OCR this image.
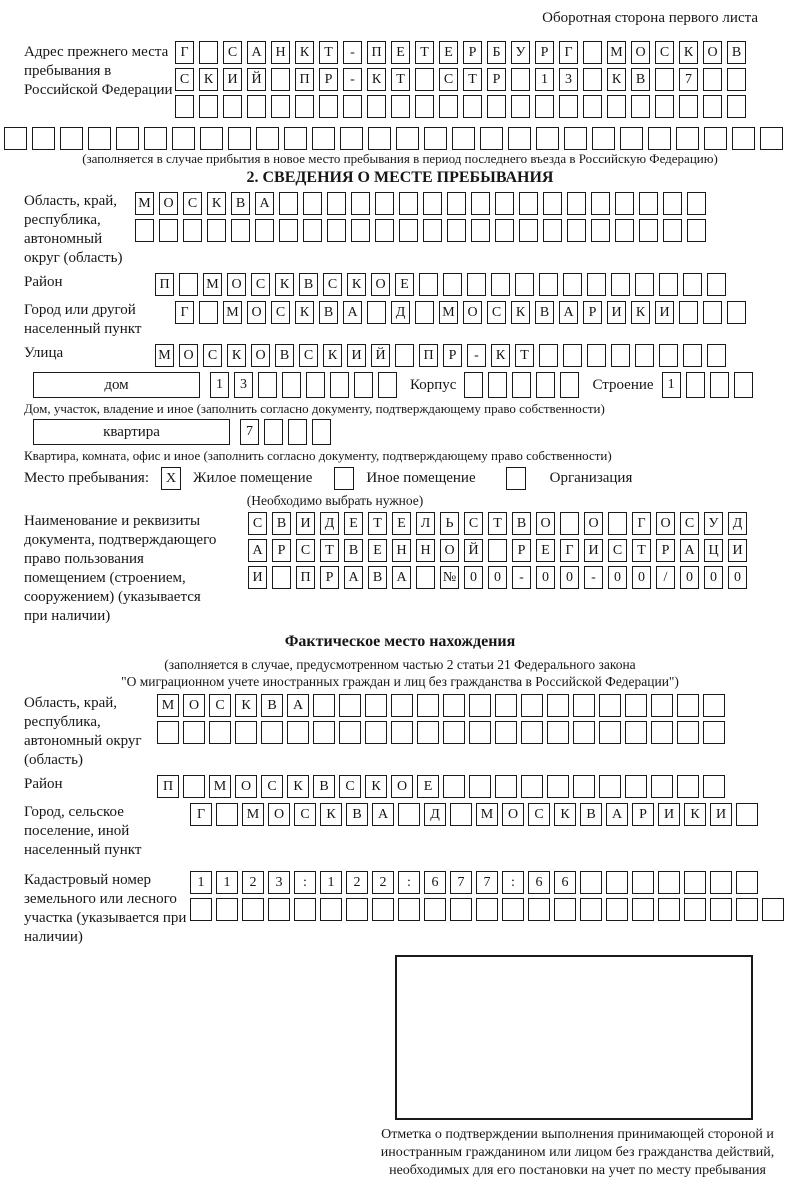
Оборотная сторона первого листа
Адрес прежнего места пребывания в Российской Федерации
Г	С	А Н	К	Т	-	П	Е	Т	Е	Р	Б	У	Р	Г	М О	С	К	О	В
С	К	И Й	П	Р	-	К	Т	С	Т	Р	1	3	К	В	7
(заполняется в случае прибытия в новое место пребывания в период последнего въезда в Российскую Федерацию)
2. СВЕДЕНИЯ О МЕСТЕ ПРЕБЫВАНИЯ
Область, край, республика, автономный округ (область)
М О	С	К	В	А
Район	П	М О	С	К	В	С	К	О	Е
Город или другой населенный пункт
Г	М О	С	К	В	А	Д	М О	С	К	В	А	Р	И	К	И
Улица	М О	С	К	О	В	С	К	И Й	П	Р	-	К	Т
дом	1	3	Корпус	Строение	1
Дом, участок, владение и иное (заполнить согласно документу, подтверждающему право собственности)
квартира	7
Квартира, комната, офис и иное (заполнить согласно документу, подтверждающему право собственности)
Место пребывания:	X	Жилое помещение	Иное помещение	Организация
(Необходимо выбрать нужное)
Наименование и реквизиты документа, подтверждающего право пользования помещением (строением, сооружением) (указывается при наличии)
С	В	И	Д	Е	Т	Е	Л	Ь	С	Т	В	О	О	Г	О	С	У	Д
А	Р	С	Т	В	Е	Н Н О Й	Р	Е	Г	И	С	Т	Р	А Ц И
И	П	Р	А	В	А	№ 0	0	-	0	0	-	0	0	/	0	0	0
Фактическое место нахождения
(заполняется в случае, предусмотренном частью 2 статьи 21 Федерального закона
"О миграционном учете иностранных граждан и лиц без гражданства в Российской Федерации")
Область, край, республика, автономный округ (область)
М	О	С	К	В	А
Район	П	М	О	С	К	В	С	К	О	Е
Город, сельское поселение, иной населенный пункт
Г	М	О	С	К	В	А	Д	М	О	С	К	В	А	Р	И	К	И
Кадастровый номер земельного или лесного участка (указывается при наличии)
1	1	2	3	:	1	2	2	:	6	7	7	:	6	6
Отметка о подтверждении выполнения принимающей стороной и иностранным гражданином или лицом без гражданства действий, необходимых для его постановки на учет по месту пребывания
